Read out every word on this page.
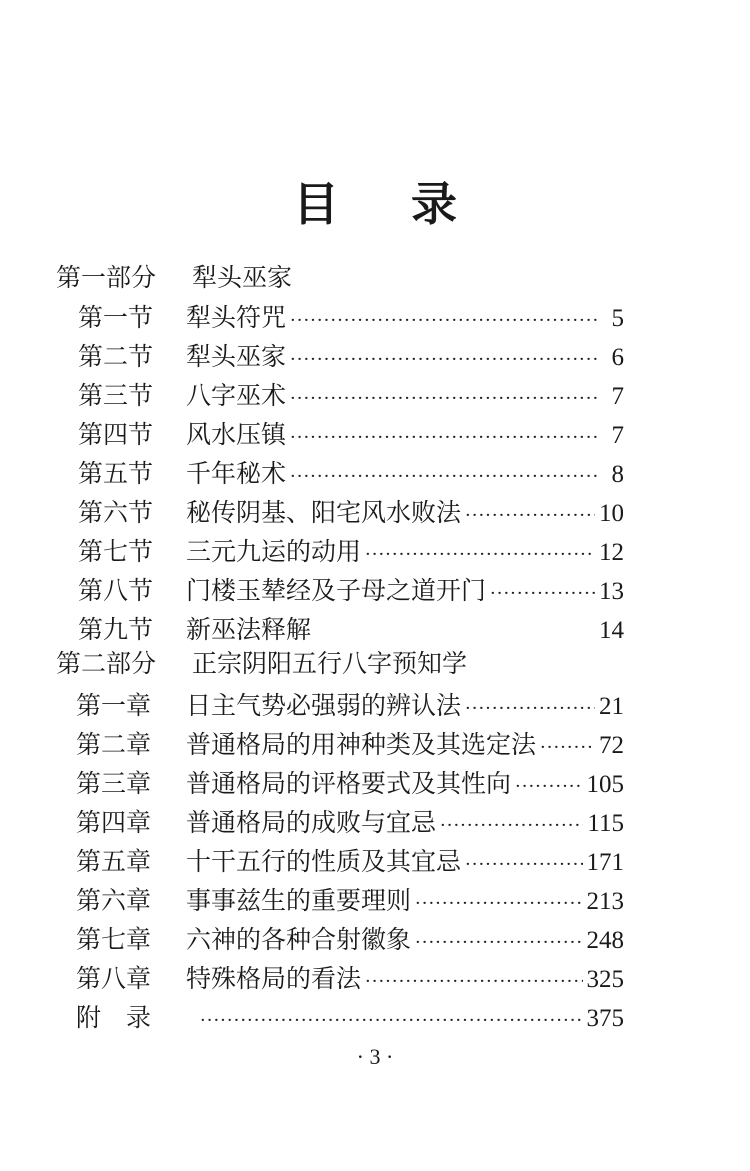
目 录
第一部分 犁头巫家
第一节	犁头符咒 ·····	5
第二节	犁头巫家 ·····	6
第三节	八字巫术 ·····	7
第四节	风水压镇 ·····	7
第五节	千年秘术 ·····	8
第六节	秘传阴基、阳宅风水败法 ·····	10
第七节	三元九运的动用 ·····	12
第八节	门楼玉辇经及子母之道开门 ·····	13
第九节	新巫法释解	14
第二部分 正宗阴阳五行八字预知学
第一章	日主气势必强弱的辨认法 ·····	21
第二章	普通格局的用神种类及其选定法 ·····	72
第三章	普通格局的评格要式及其性向 ·····	105
第四章	普通格局的成败与宜忌 ·····	115
第五章	十干五行的性质及其宜忌 ·····	171
第六章	事事兹生的重要理则 ·····	213
第七章	六神的各种合射徽象 ·····	248
第八章	特殊格局的看法 ·····	325
附　录 ·····	375
· 3 ·
